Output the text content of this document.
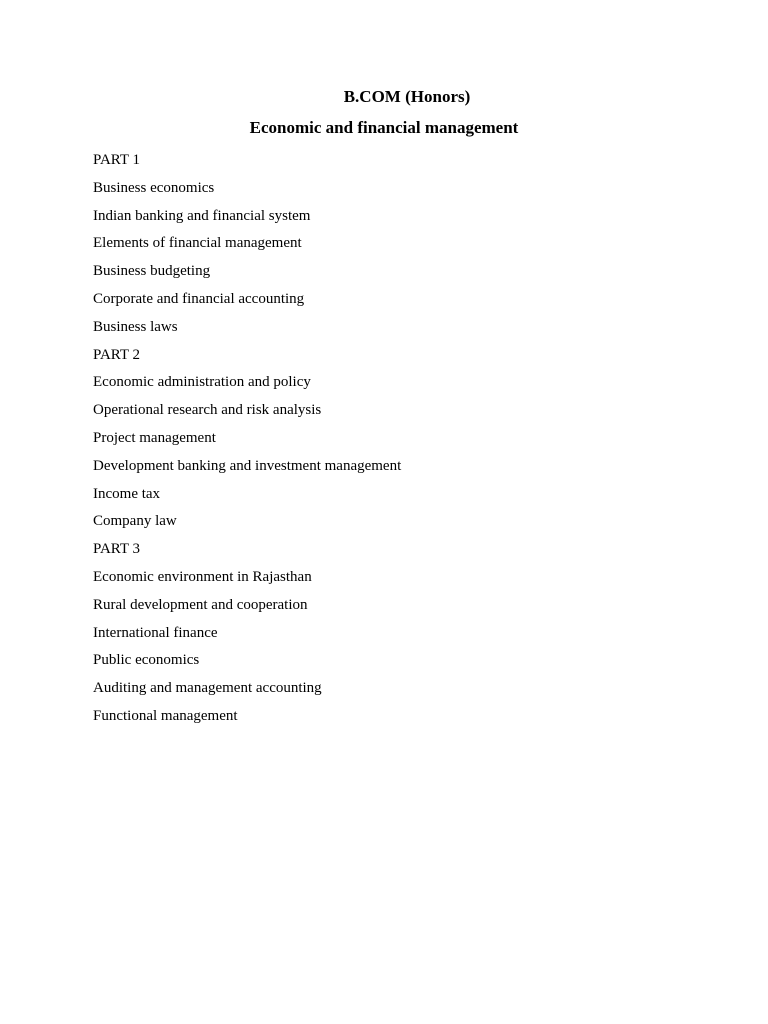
B.COM (Honors)
Economic and financial management
PART 1
Business economics
Indian banking and financial system
Elements of financial management
Business budgeting
Corporate and financial accounting
Business laws
PART 2
Economic administration and policy
Operational research and risk analysis
Project management
Development banking and investment management
Income tax
Company law
PART 3
Economic environment in Rajasthan
Rural development and cooperation
International finance
Public economics
Auditing and management accounting
Functional management
